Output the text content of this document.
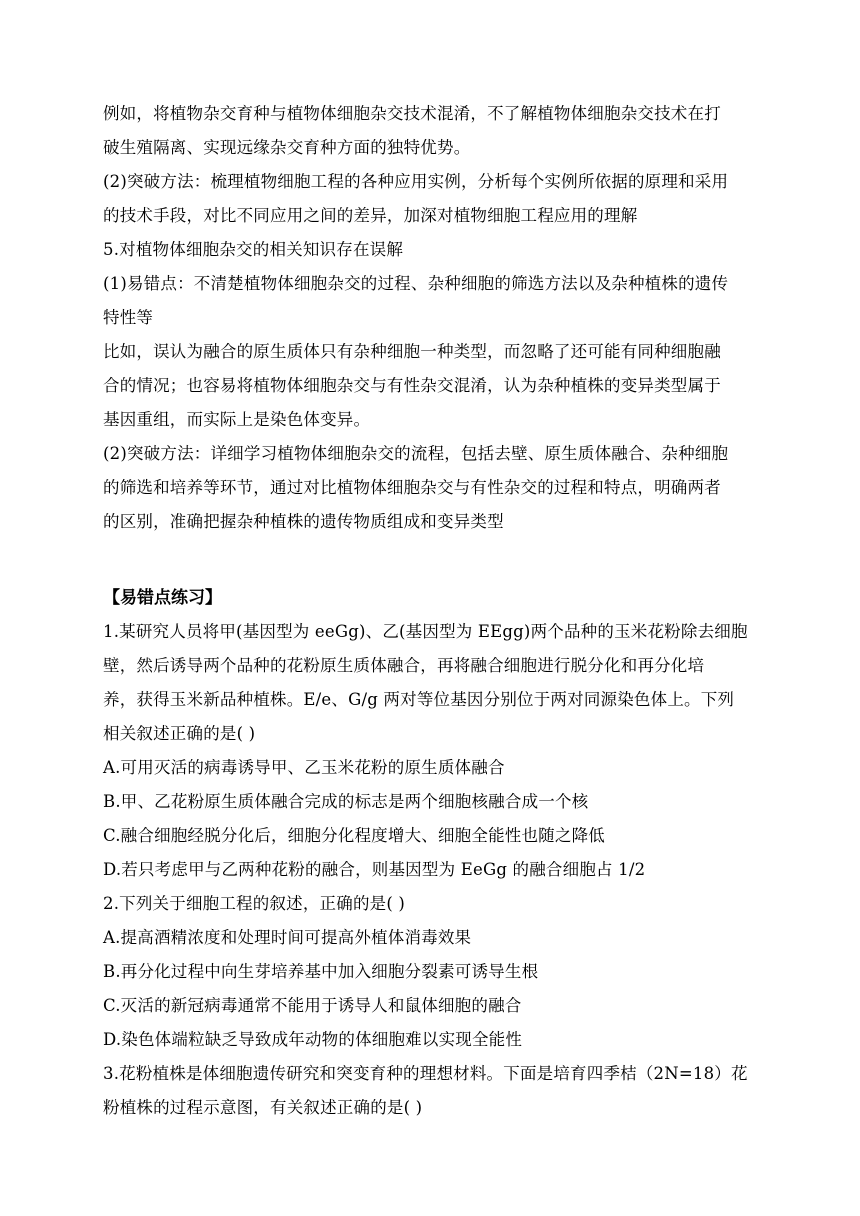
例如，将植物杂交育种与植物体细胞杂交技术混淆，不了解植物体细胞杂交技术在打
破生殖隔离、实现远缘杂交育种方面的独特优势。
(2)突破方法：梳理植物细胞工程的各种应用实例，分析每个实例所依据的原理和采用
的技术手段，对比不同应用之间的差异，加深对植物细胞工程应用的理解
5.对植物体细胞杂交的相关知识存在误解
(1)易错点：不清楚植物体细胞杂交的过程、杂种细胞的筛选方法以及杂种植株的遗传
特性等
比如，误认为融合的原生质体只有杂种细胞一种类型，而忽略了还可能有同种细胞融
合的情况；也容易将植物体细胞杂交与有性杂交混淆，认为杂种植株的变异类型属于
基因重组，而实际上是染色体变异。
(2)突破方法：详细学习植物体细胞杂交的流程，包括去壁、原生质体融合、杂种细胞
的筛选和培养等环节，通过对比植物体细胞杂交与有性杂交的过程和特点，明确两者
的区别，准确把握杂种植株的遗传物质组成和变异类型
【易错点练习】
1.某研究人员将甲(基因型为 eeGg)、乙(基因型为 EEgg)两个品种的玉米花粉除去细胞
壁，然后诱导两个品种的花粉原生质体融合，再将融合细胞进行脱分化和再分化培
养，获得玉米新品种植株。E/e、G/g 两对等位基因分别位于两对同源染色体上。下列
相关叙述正确的是( )
A.可用灭活的病毒诱导甲、乙玉米花粉的原生质体融合
B.甲、乙花粉原生质体融合完成的标志是两个细胞核融合成一个核
C.融合细胞经脱分化后，细胞分化程度增大、细胞全能性也随之降低
D.若只考虑甲与乙两种花粉的融合，则基因型为 EeGg 的融合细胞占 1/2
2.下列关于细胞工程的叙述，正确的是( )
A.提高酒精浓度和处理时间可提高外植体消毒效果
B.再分化过程中向生芽培养基中加入细胞分裂素可诱导生根
C.灭活的新冠病毒通常不能用于诱导人和鼠体细胞的融合
D.染色体端粒缺乏导致成年动物的体细胞难以实现全能性
3.花粉植株是体细胞遗传研究和突变育种的理想材料。下面是培育四季桔（2N=18）花
粉植株的过程示意图，有关叙述正确的是( )
